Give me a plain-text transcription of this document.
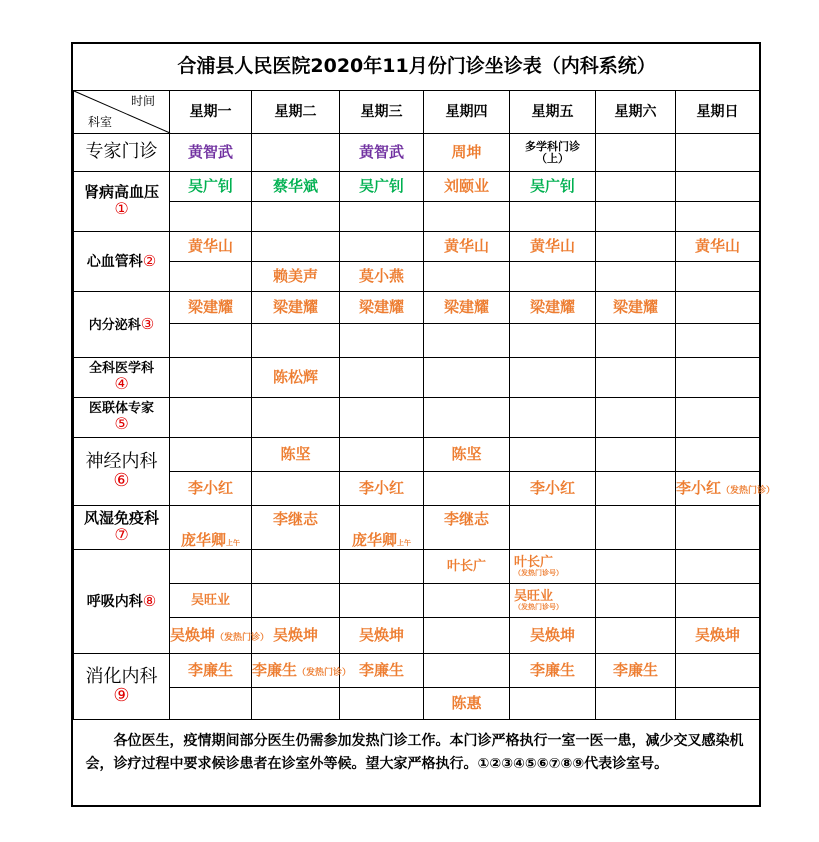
合浦县人民医院2020年11月份门诊坐诊表（内科系统）							

时间
科室	星期一	星期二	星期三	星期四	星期五	星期六	星期日
专家门诊	黄智武		黄智武	周坤	多学科门诊
（上）		
肾病高血压
①	吴广钊	蔡华斌	吴广钊	刘颐业	吴广钊		

心血管科②	黄华山			黄华山	黄华山		黄华山
		赖美声	莫小燕				
内分泌科③	梁建耀	梁建耀	梁建耀	梁建耀	梁建耀	梁建耀	

全科医学科
④		陈松辉					
医联体专家
⑤							

神经内科
⑥		陈坚		陈坚			
	李小红		李小红		李小红		李小红（发热门诊）
风湿免疫科
⑦	庞华卿上午	李继志	庞华卿上午	李继志			
呼吸内科⑧				叶长广	叶长广
（发热门诊号）		

	吴旺业				吴旺业
（发热门诊号）		

	吴焕坤（发热门诊）	吴焕坤	吴焕坤		吴焕坤		吴焕坤
消化内科
⑨	李廉生	李廉生（发热门诊）	李廉生		李廉生	李廉生	
				陈惠			
各位医生，疫情期间部分医生仍需参加发热门诊工作。本门诊严格执行一室一医一患，减少交叉感染机会，诊疗过程中要求候诊患者在诊室外等候。望大家严格执行。①②③④⑤⑥⑦⑧⑨代表诊室号。							
